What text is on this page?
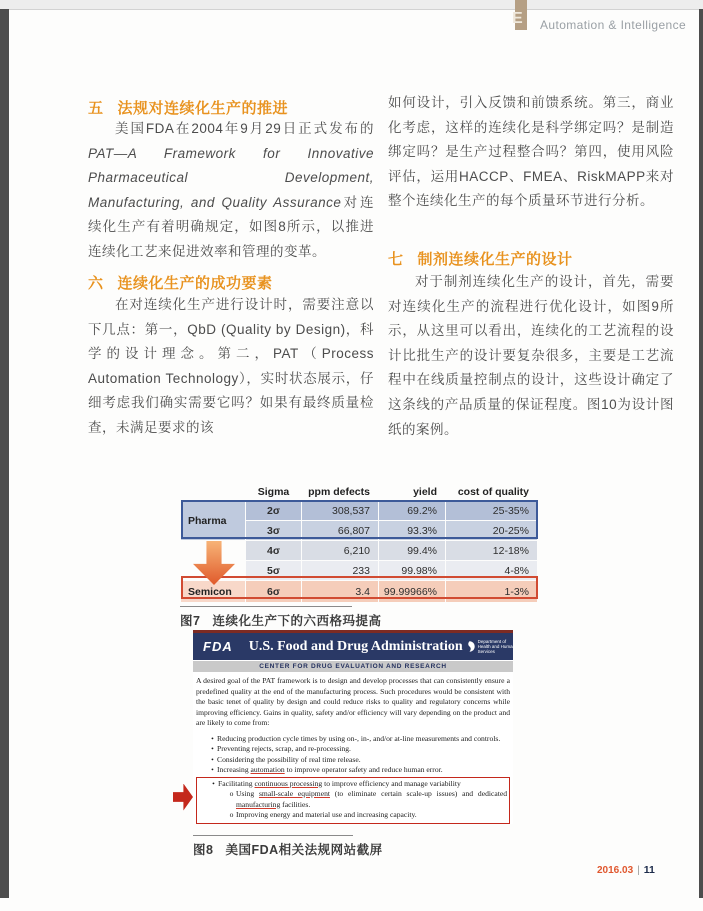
E Automation & Intelligence
五 法规对连续化生产的推进
美国FDA在2004年9月29日正式发布的PAT—A Framework for Innovative Pharmaceutical Development, Manufacturing, and Quality Assurance对连续化生产有着明确规定，如图8所示，以推进连续化工艺来促进效率和管理的变革。
六 连续化生产的成功要素
在对连续化生产进行设计时，需要注意以下几点：第一，QbD (Quality by Design)，科学的设计理念。第二，PAT（Process Automation Technology），实时状态展示，仔细考虑我们确实需要它吗？如果有最终质量检查，未满足要求的该
如何设计，引入反馈和前馈系统。第三，商业化考虑，这样的连续化是科学绑定吗？是制造绑定吗？是生产过程整合吗？第四，使用风险评估，运用HACCP、FMEA、RiskMAPP来对整个连续化生产的每个质量环节进行分析。
七 制剂连续化生产的设计
对于制剂连续化生产的设计，首先，需要对连续化生产的流程进行优化设计，如图9所示，从这里可以看出，连续化的工艺流程的设计比批生产的设计要复杂很多，主要是工艺流程中在线质量控制点的设计，这些设计确定了这条线的产品质量的保证程度。图10为设计图纸的案例。
Sigma	ppm defects	yield	cost of quality
Pharma
2σ	308,537	69.2%	25-35%
3σ	66,807	93.3%	20-25%
4σ	6,210	99.4%	12-18%
5σ	233	99.98%	4-8%
Semicon	6σ	3.4	99.99966%	1-3%
图7 连续化生产下的六西格玛提高
FDA U.S. Food and Drug Administration	Department of Health and Human Services
CENTER FOR DRUG EVALUATION AND RESEARCH

A desired goal of the PAT framework is to design and develop processes that can consistently ensure a predefined quality at the end of the manufacturing process. Such procedures would be consistent with the basic tenet of quality by design and could reduce risks to quality and regulatory concerns while improving efficiency. Gains in quality, safety and/or efficiency will vary depending on the product and are likely to come from:

• Reducing production cycle times by using on-, in-, and/or at-line measurements and controls.
• Preventing rejects, scrap, and re-processing.
• Considering the possibility of real time release.
• Increasing automation to improve operator safety and reduce human error.
• Facilitating continuous processing to improve efficiency and manage variability
o Using small-scale equipment (to eliminate certain scale-up issues) and dedicated manufacturing facilities.
o Improving energy and material use and increasing capacity.
图8 美国FDA相关法规网站截屏
2016.03 | 11
